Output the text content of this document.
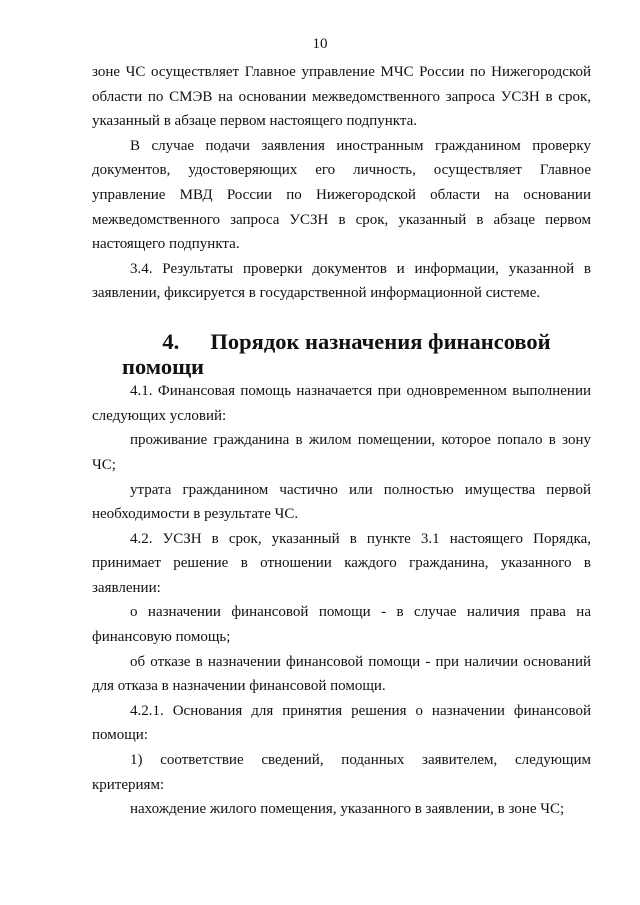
10

зоне ЧС осуществляет Главное управление МЧС России по Нижегородской области по СМЭВ на основании межведомственного запроса УСЗН в срок, указанный в абзаце первом настоящего подпункта.

В случае подачи заявления иностранным гражданином проверку документов, удостоверяющих его личность, осуществляет Главное управление МВД России по Нижегородской области на основании межведомственного запроса УСЗН в срок, указанный в абзаце первом настоящего подпункта.

3.4. Результаты проверки документов и информации, указанной в заявлении, фиксируется в государственной информационной системе.

4. Порядок назначения финансовой помощи

4.1. Финансовая помощь назначается при одновременном выполнении следующих условий:

проживание гражданина в жилом помещении, которое попало в зону ЧС;

утрата гражданином частично или полностью имущества первой необходимости в результате ЧС.

4.2. УСЗН в срок, указанный в пункте 3.1 настоящего Порядка, принимает решение в отношении каждого гражданина, указанного в заявлении:

о назначении финансовой помощи - в случае наличия права на финансовую помощь;

об отказе в назначении финансовой помощи - при наличии оснований для отказа в назначении финансовой помощи.

4.2.1. Основания для принятия решения о назначении финансовой помощи:

1) соответствие сведений, поданных заявителем, следующим критериям:

нахождение жилого помещения, указанного в заявлении, в зоне ЧС;
